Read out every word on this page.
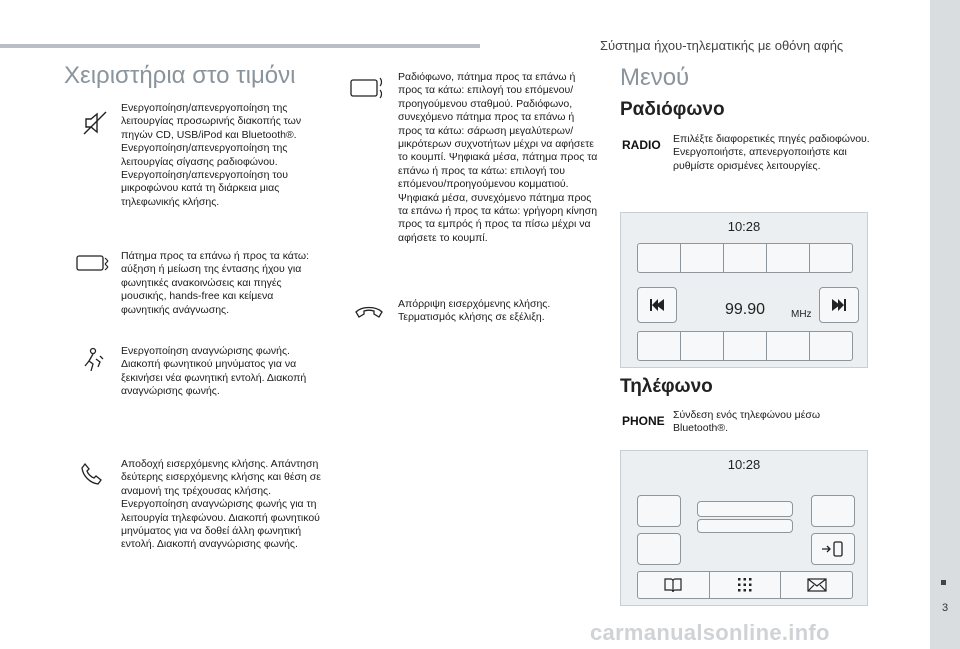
Σύστημα ήχου-τηλεματικής με οθόνη αφής
3
Χειριστήρια στο τιμόνι
Ενεργοποίηση/απενεργοποίηση της λειτουργίας προσωρινής διακοπής των πηγών CD, USB/iPod και Bluetooth®. Ενεργοποίηση/απενεργοποίηση της λειτουργίας σίγασης ραδιοφώνου. Ενεργοποίηση/απενεργοποίηση του μικροφώνου κατά τη διάρκεια μιας τηλεφωνικής κλήσης.
Πάτημα προς τα επάνω ή προς τα κάτω: αύξηση ή μείωση της έντασης ήχου για φωνητικές ανακοινώσεις και πηγές μουσικής, hands-free και κείμενα φωνητικής ανάγνωσης.
Ενεργοποίηση αναγνώρισης φωνής. Διακοπή φωνητικού μηνύματος για να ξεκινήσει νέα φωνητική εντολή. Διακοπή αναγνώρισης φωνής.
Αποδοχή εισερχόμενης κλήσης. Απάντηση δεύτερης εισερχόμενης κλήσης και θέση σε αναμονή της τρέχουσας κλήσης. Ενεργοποίηση αναγνώρισης φωνής για τη λειτουργία τηλεφώνου. Διακοπή φωνητικού μηνύματος για να δοθεί άλλη φωνητική εντολή. Διακοπή αναγνώρισης φωνής.
Ραδιόφωνο, πάτημα προς τα επάνω ή προς τα κάτω: επιλογή του επόμενου/προηγούμενου σταθμού. Ραδιόφωνο, συνεχόμενο πάτημα προς τα επάνω ή προς τα κάτω: σάρωση μεγαλύτερων/μικρότερων συχνοτήτων μέχρι να αφήσετε το κουμπί. Ψηφιακά μέσα, πάτημα προς τα επάνω ή προς τα κάτω: επιλογή του επόμενου/προηγούμενου κομματιού. Ψηφιακά μέσα, συνεχόμενο πάτημα προς τα επάνω ή προς τα κάτω: γρήγορη κίνηση προς τα εμπρός ή προς τα πίσω μέχρι να αφήσετε το κουμπί.
Απόρριψη εισερχόμενης κλήσης. Τερματισμός κλήσης σε εξέλιξη.
Μενού
Ραδιόφωνο
RADIO Επιλέξτε διαφορετικές πηγές ραδιοφώνου. Ενεργοποιήστε, απενεργοποιήστε και ρυθμίστε ορισμένες λειτουργίες.
10:28
99.90	MHz
Τηλέφωνο
PHONE Σύνδεση ενός τηλεφώνου μέσω Bluetooth®.
10:28
carmanualsonline.info
